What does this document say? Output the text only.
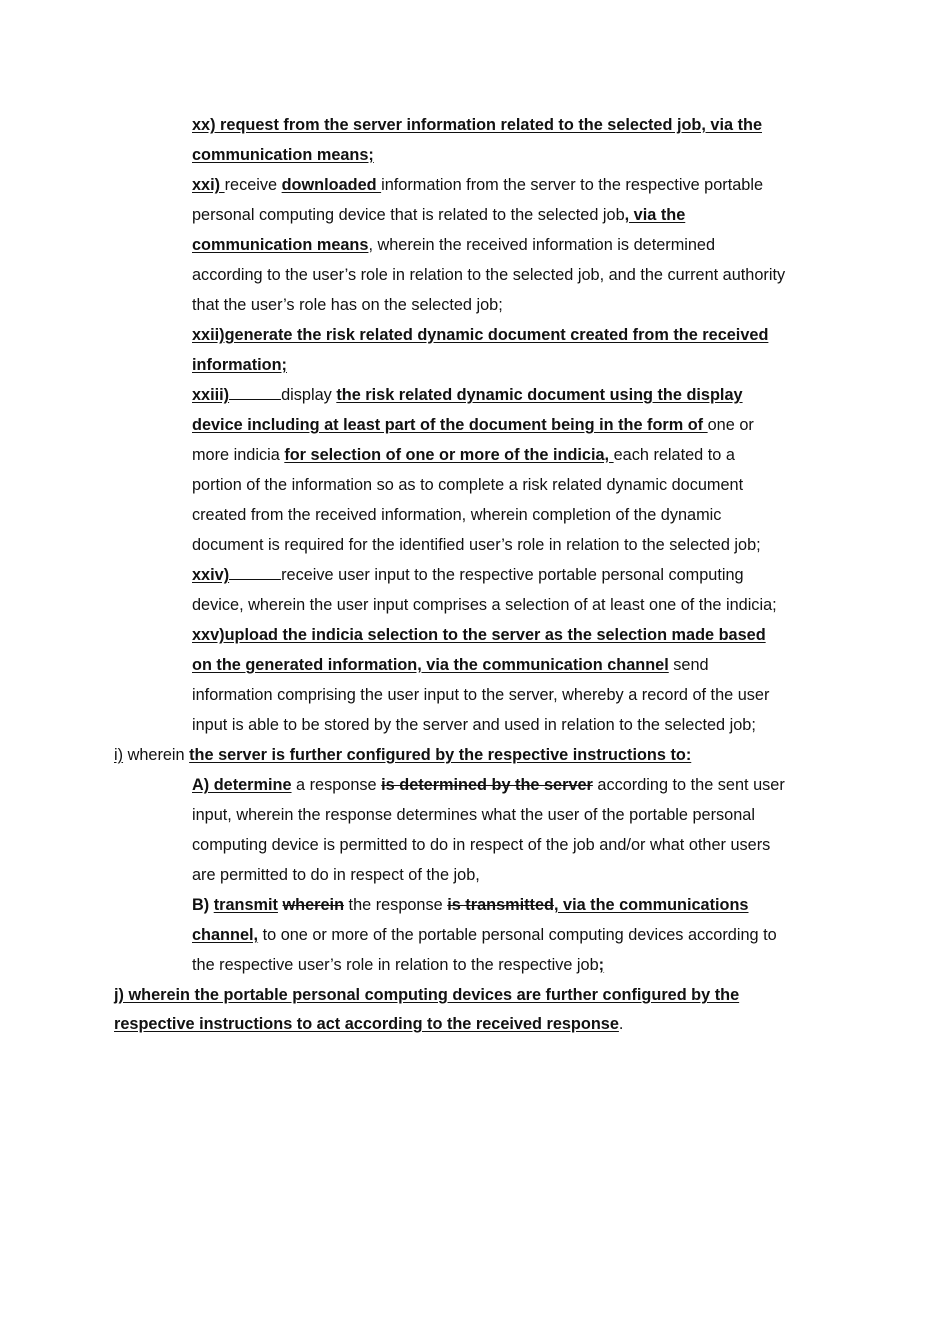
xx) request from the server information related to the selected job, via the
communication means;
xxi) receive downloaded information from the server to the respective portable
personal computing device that is related to the selected job, via the
communication means, wherein the received information is determined
according to the user’s role in relation to the selected job, and the current authority
that the user’s role has on the selected job;
xxii)generate the risk related dynamic document created from the received
information;
xxiii)	display the risk related dynamic document using the display
device including at least part of the document being in the form of one or
more indicia for selection of one or more of the indicia, each related to a
portion of the information so as to complete a risk related dynamic document
created from the received information, wherein completion of the dynamic
document is required for the identified user’s role in relation to the selected job;
xxiv)	receive user input to the respective portable personal computing
device, wherein the user input comprises a selection of at least one of the indicia;
xxv)upload the indicia selection to the server as the selection made based
on the generated information, via the communication channel send
information comprising the user input to the server, whereby a record of the user
input is able to be stored by the server and used in relation to the selected job;
i) wherein the server is further configured by the respective instructions to:
A) determine a response is determined by the server according to the sent user
input, wherein the response determines what the user of the portable personal
computing device is permitted to do in respect of the job and/or what other users
are permitted to do in respect of the job,
B) transmit wherein the response is transmitted, via the communications
channel, to one or more of the portable personal computing devices according to
the respective user’s role in relation to the respective job;
j) wherein the portable personal computing devices are further configured by the
respective instructions to act according to the received response.
